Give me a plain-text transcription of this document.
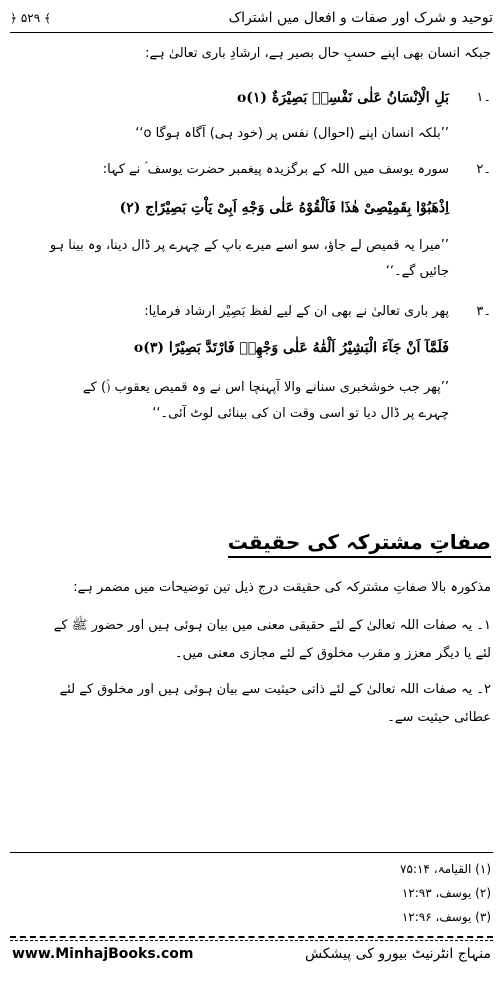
﴿ ۵۲۹ ﴾	توحید و شرک اور صفات و افعال میں اشتراک
جبکہ انسان بھی اپنے حسبِ حال بصیر ہے، ارشادِ باری تعالیٰ ہے:
۱۔
بَلِ الْاِنْسَانُ عَلٰی نَفْسِهٖ بَصِیْرَةٌ o(۱)
’’بلکہ انسان اپنے (احوال) نفس پر (خود ہی) آگاہ ہوگا o‘‘
۲۔
سورہ یوسف میں اللہ کے برگزیدہ پیغمبر حضرت یوسف ؑ نے کہا:
اِذْهَبُوْا بِقَمِیْصِیْ هٰذَا فَاَلْقُوْهُ عَلٰی وَجْهِ اَبِیْ یَاْتِ بَصِیْرًاج (۲)
’’میرا یہ قمیص لے جاؤ، سو اسے میرے باپ کے چہرے پر ڈال دینا، وہ بینا ہو
جائیں گے۔‘‘
۳۔
پھر باری تعالیٰ نے بھی ان کے لیے لفظ بَصِیْر ارشاد فرمایا:
فَلَمَّآ اَنْ جَآءَ الْبَشِیْرُ اَلْقٰهُ عَلٰی وَجْهِهٖ فَارْتَدَّ بَصِیْرًا o(۳)
’’پھر جب خوشخبری سنانے والا آپہنچا اس نے وہ قمیص یعقوب (ؑ) کے
چہرے پر ڈال دیا تو اسی وقت ان کی بینائی لوٹ آئی۔‘‘
صفاتِ مشترکہ کی حقیقت
مذکورہ بالا صفاتِ مشترکہ کی حقیقت درج ذیل تین توضیحات میں مضمر ہے:
۱۔ یہ صفات اللہ تعالیٰ کے لئے حقیقی معنی میں بیان ہوئی ہیں اور حضور ﷺ کے
لئے یا دیگر معزز و مقرب مخلوق کے لئے مجازی معنی میں۔
۲۔ یہ صفات اللہ تعالیٰ کے لئے ذاتی حیثیت سے بیان ہوئی ہیں اور مخلوق کے لئے
عطائی حیثیت سے۔
(۱) القیامۃ، ۷۵:۱۴
(۲) یوسف، ۱۲:۹۳
(۳) یوسف، ۱۲:۹۶
www.MinhajBooks.com	منہاج انٹرنیٹ بیورو کی پیشکش
